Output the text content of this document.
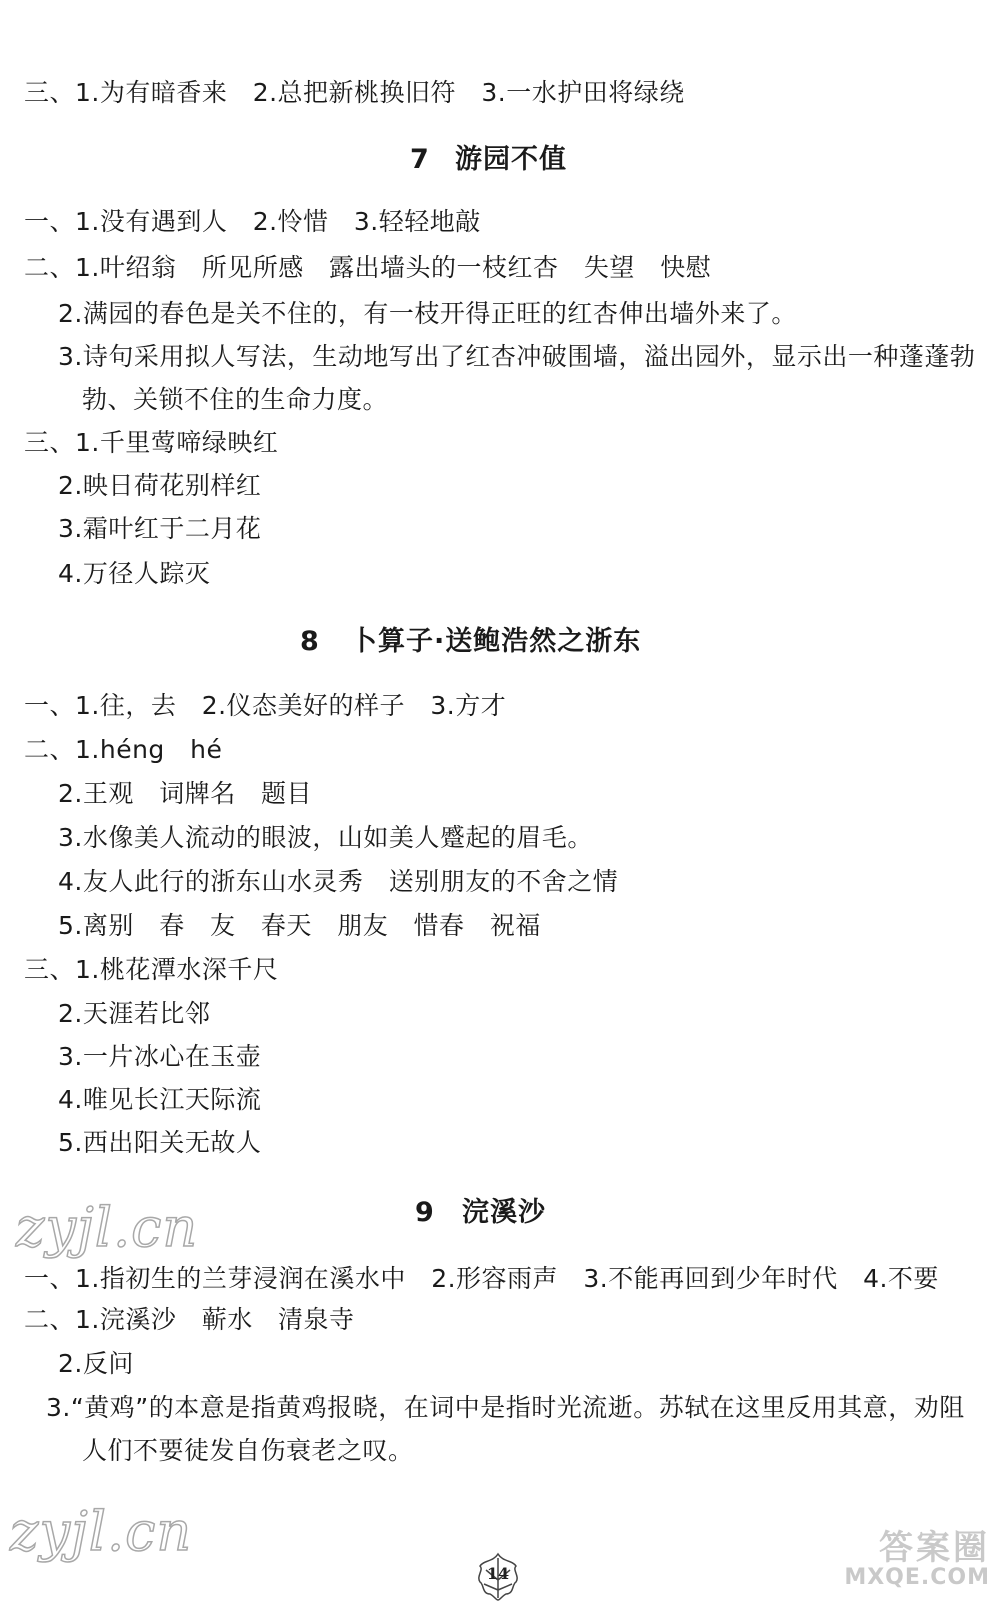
三、1.为有暗香来   2.总把新桃换旧符   3.一水护田将绿绕
7 游园不值
一、1.没有遇到人   2.怜惜   3.轻轻地敲
二、1.叶绍翁   所见所感   露出墙头的一枝红杏   失望   快慰
2.满园的春色是关不住的，有一枝开得正旺的红杏伸出墙外来了。
3.诗句采用拟人写法，生动地写出了红杏冲破围墙，溢出园外，显示出一种蓬蓬勃
勃、关锁不住的生命力度。
三、1.千里莺啼绿映红
2.映日荷花别样红
3.霜叶红于二月花
4.万径人踪灭
8 卜算子·送鲍浩然之浙东
一、1.往，去   2.仪态美好的样子   3.方才
二、1.héng   hé
2.王观   词牌名   题目
3.水像美人流动的眼波，山如美人蹙起的眉毛。
4.友人此行的浙东山水灵秀   送别朋友的不舍之情
5.离别   春   友   春天   朋友   惜春   祝福
三、1.桃花潭水深千尺
2.天涯若比邻
3.一片冰心在玉壶
4.唯见长江天际流
5.西出阳关无故人
9 浣溪沙
zyjl.cn
一、1.指初生的兰芽浸润在溪水中   2.形容雨声   3.不能再回到少年时代   4.不要
二、1.浣溪沙   蕲水   清泉寺
2.反问
3.“黄鸡”的本意是指黄鸡报晓，在词中是指时光流逝。苏轼在这里反用其意，劝阻
人们不要徒发自伤衰老之叹。
zyjl.cn
14
答案圈
MXQE.COM
